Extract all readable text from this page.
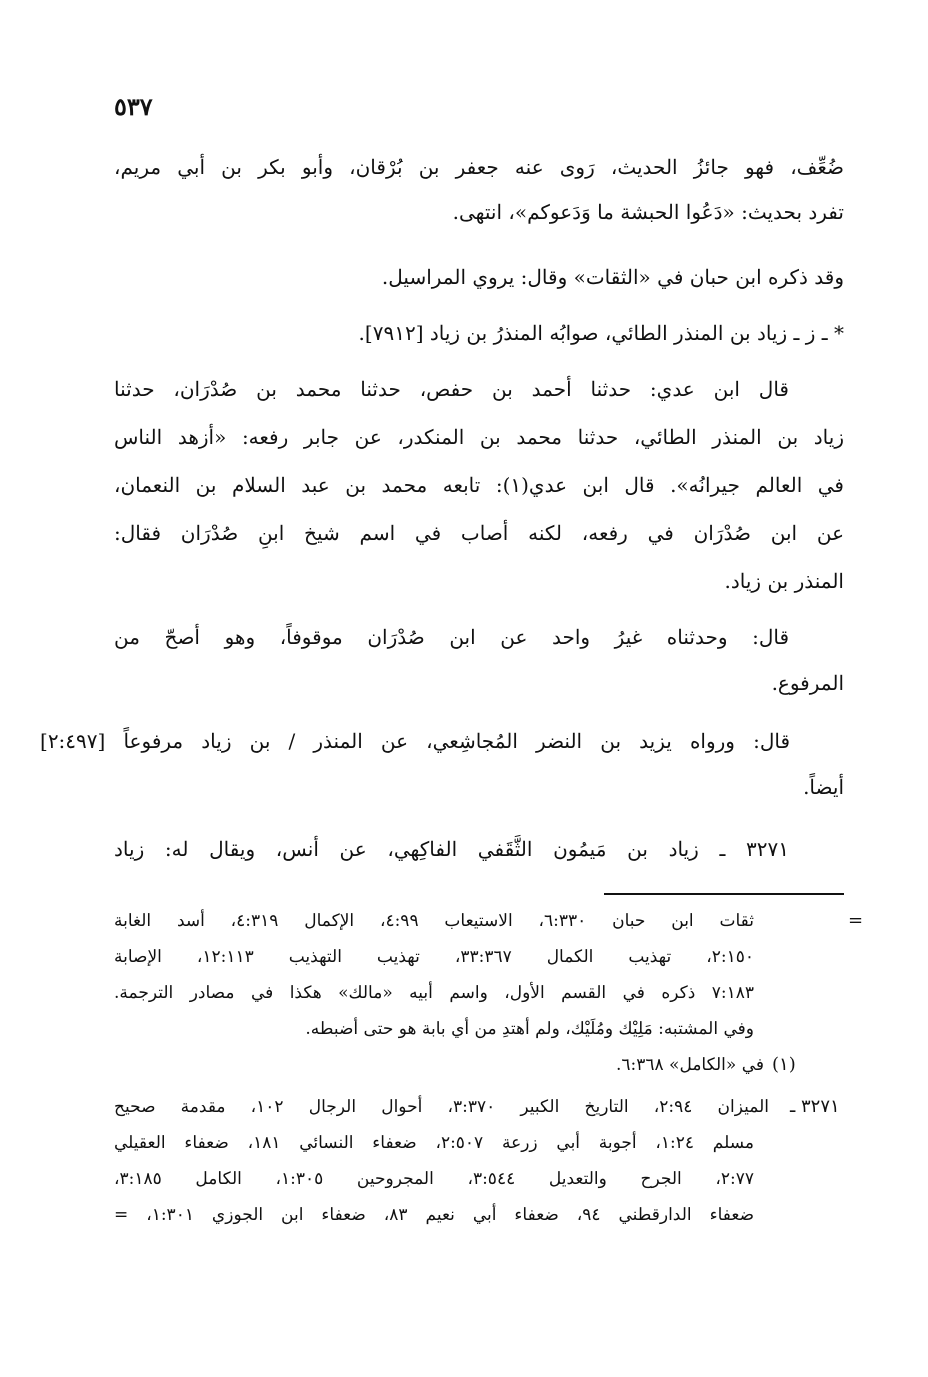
٥٣٧
ضُعِّف، فهو جائزُ الحديث، رَوى عنه جعفر بن بُرْقان، وأبو بكر بن أبي مريم،
تفرد بحديث: «دَعُوا الحبشة ما وَدَعوكم»، انتهى.
وقد ذكره ابن حبان في «الثقات» وقال: يروي المراسيل.
* ـ ز ـ زياد بن المنذر الطائي، صوابُه المنذرُ بن زياد [٧٩١٢].
قال ابن عدي: حدثنا أحمد بن حفص، حدثنا محمد بن صُدْرَان، حدثنا
زياد بن المنذر الطائي، حدثنا محمد بن المنكدر، عن جابر رفعه: «أزهد الناس
في العالم جيرانُه». قال ابن عدي(١): تابعه محمد بن عبد السلام بن النعمان،
عن ابن صُدْرَان في رفعه، لكنه أصاب في اسم شيخ ابنِ صُدْرَان فقال:
المنذر بن زياد.
قال: وحدثناه غيرُ واحد عن ابن صُدْرَان موقوفاً، وهو أصحّ من
المرفوع.
قال: ورواه يزيد بن النضر المُجاشِعي، عن المنذر / بن زياد مرفوعاً [٢:٤٩٧]
أيضاً.
٣٢٧١ ـ زياد بن مَيمُون الثَّقَفي الفاكِهي، عن أنس، ويقال له: زياد
=
ثقات ابن حبان ٦:٣٣٠، الاستيعاب ٤:٩٩، الإكمال ٤:٣١٩، أسد الغابة
٢:١٥٠، تهذيب الكمال ٣٣:٣٦٧، تهذيب التهذيب ١٢:١١٣، الإصابة
٧:١٨٣ ذكره في القسم الأول، واسم أبيه «مالك» هكذا في مصادر الترجمة.
وفي المشتبه: مَلِيْك ومُلَيْك، ولم أهتدِ من أي بابة هو حتى أضبطه.
(١)
في «الكامل» ٦:٣٦٨.
٣٢٧١ ـ
الميزان ٢:٩٤، التاريخ الكبير ٣:٣٧٠، أحوال الرجال ١٠٢، مقدمة صحيح
مسلم ١:٢٤، أجوبة أبي زرعة ٢:٥٠٧، ضعفاء النسائي ١٨١، ضعفاء العقيلي
٢:٧٧، الجرح والتعديل ٣:٥٤٤، المجروحين ١:٣٠٥، الكامل ٣:١٨٥،
ضعفاء الدارقطني ٩٤، ضعفاء أبي نعيم ٨٣، ضعفاء ابن الجوزي ١:٣٠١، =
